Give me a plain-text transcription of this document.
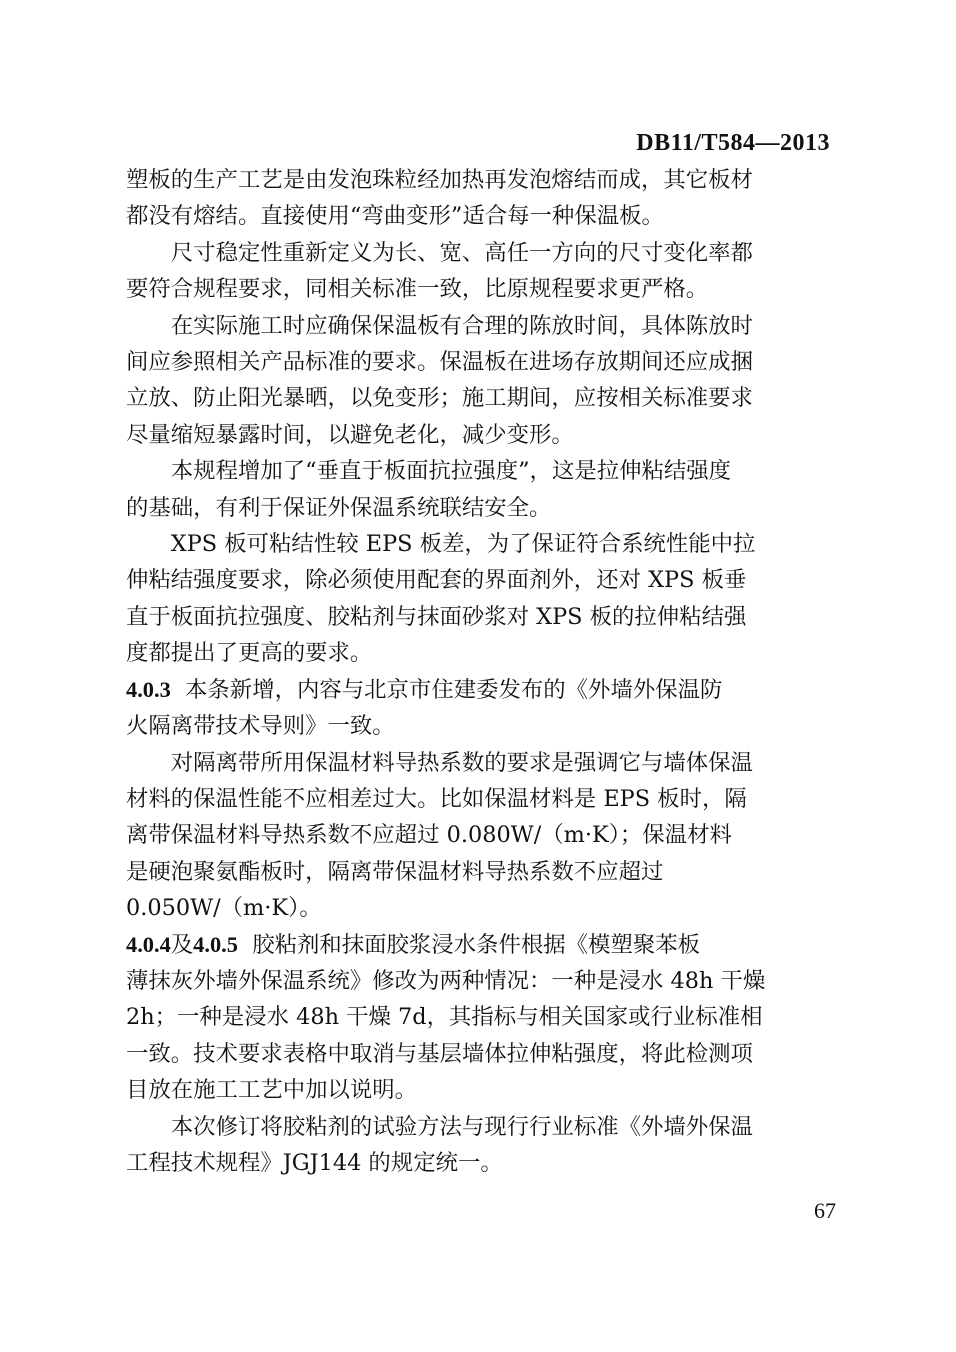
DB11/T584—2013

塑板的生产工艺是由发泡珠粒经加热再发泡熔结而成，其它板材
都没有熔结。直接使用“弯曲变形”适合每一种保温板。

尺寸稳定性重新定义为长、宽、高任一方向的尺寸变化率都
要符合规程要求，同相关标准一致，比原规程要求更严格。

在实际施工时应确保保温板有合理的陈放时间，具体陈放时
间应参照相关产品标准的要求。保温板在进场存放期间还应成捆
立放、防止阳光暴晒，以免变形；施工期间，应按相关标准要求
尽量缩短暴露时间，以避免老化，减少变形。

本规程增加了“垂直于板面抗拉强度”，这是拉伸粘结强度
的基础，有利于保证外保温系统联结安全。

XPS 板可粘结性较 EPS 板差，为了保证符合系统性能中拉
伸粘结强度要求，除必须使用配套的界面剂外，还对 XPS 板垂
直于板面抗拉强度、胶粘剂与抹面砂浆对 XPS 板的拉伸粘结强
度都提出了更高的要求。

4.0.3 本条新增，内容与北京市住建委发布的《外墙外保温防
火隔离带技术导则》一致。

对隔离带所用保温材料导热系数的要求是强调它与墙体保温
材料的保温性能不应相差过大。比如保温材料是 EPS 板时，隔
离带保温材料导热系数不应超过 0.080W/（m·K）；保温材料
是硬泡聚氨酯板时，隔离带保温材料导热系数不应超过
0.050W/（m·K）。

4.0.4及4.0.5 胶粘剂和抹面胶浆浸水条件根据《模塑聚苯板
薄抹灰外墙外保温系统》修改为两种情况：一种是浸水 48h 干燥
2h；一种是浸水 48h 干燥 7d，其指标与相关国家或行业标准相
一致。技术要求表格中取消与基层墙体拉伸粘强度，将此检测项
目放在施工工艺中加以说明。

本次修订将胶粘剂的试验方法与现行行业标准《外墙外保温
工程技术规程》JGJ144 的规定统一。

67
